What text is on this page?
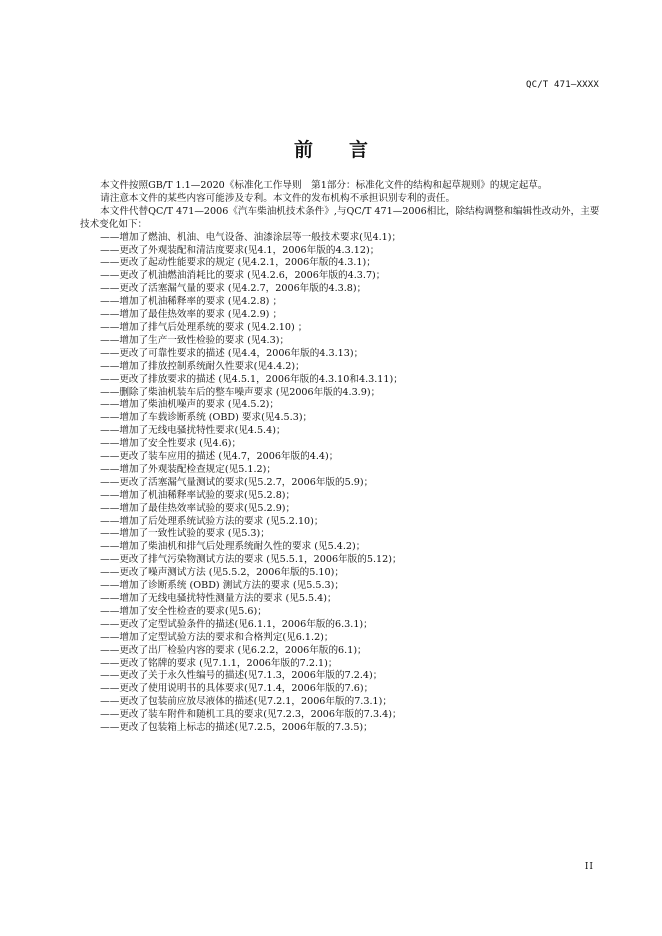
QC/T 471—XXXX
前 言

本文件按照GB/T 1.1—2020《标准化工作导则　第1部分：标准化文件的结构和起草规则》的规定起草。

请注意本文件的某些内容可能涉及专利。本文件的发布机构不承担识别专利的责任。

本文件代替QC/T 471—2006《汽车柴油机技术条件》,与QC/T 471—2006相比，除结构调整和编辑性改动外，主要技术变化如下：

——增加了燃油、机油、电气设备、油漆涂层等一般技术要求(见4.1)；

——更改了外观装配和清洁度要求(见4.1，2006年版的4.3.12)；

——更改了起动性能要求的规定 (见4.2.1，2006年版的4.3.1)；

——更改了机油燃油消耗比的要求 (见4.2.6，2006年版的4.3.7)；

——更改了活塞漏气量的要求 (见4.2.7，2006年版的4.3.8)；

——增加了机油稀释率的要求 (见4.2.8) ；

——增加了最佳热效率的要求 (见4.2.9) ；

——增加了排气后处理系统的要求 (见4.2.10) ；

——增加了生产一致性检验的要求 (见4.3)；

——更改了可靠性要求的描述 (见4.4，2006年版的4.3.13)；

——增加了排放控制系统耐久性要求(见4.4.2)；

——更改了排放要求的描述 (见4.5.1，2006年版的4.3.10和4.3.11)；

——删除了柴油机装车后的整车噪声要求 (见2006年版的4.3.9)；

——增加了柴油机噪声的要求 (见4.5.2)；

——增加了车载诊断系统 (OBD) 要求(见4.5.3)；

——增加了无线电骚扰特性要求(见4.5.4)；

——增加了安全性要求 (见4.6)；

——更改了装车应用的描述 (见4.7，2006年版的4.4)；

——增加了外观装配检查规定(见5.1.2)；

——更改了活塞漏气量测试的要求(见5.2.7，2006年版的5.9)；

——增加了机油稀释率试验的要求(见5.2.8)；

——增加了最佳热效率试验的要求(见5.2.9)；

——增加了后处理系统试验方法的要求 (见5.2.10)；

——增加了一致性试验的要求 (见5.3)；

——增加了柴油机和排气后处理系统耐久性的要求 (见5.4.2)；

——更改了排气污染物测试方法的要求 (见5.5.1，2006年版的5.12)；

——更改了噪声测试方法 (见5.5.2，2006年版的5.10)；

——增加了诊断系统 (OBD) 测试方法的要求 (见5.5.3)；

——增加了无线电骚扰特性测量方法的要求 (见5.5.4)；

——增加了安全性检查的要求(见5.6)；

——更改了定型试验条件的描述(见6.1.1，2006年版的6.3.1)；

——增加了定型试验方法的要求和合格判定(见6.1.2)；

——更改了出厂检验内容的要求 (见6.2.2，2006年版的6.1)；

——更改了铭牌的要求 (见7.1.1，2006年版的7.2.1)；

——更改了关于永久性编号的描述(见7.1.3，2006年版的7.2.4)；

——更改了使用说明书的具体要求(见7.1.4，2006年版的7.6)；

——更改了包装前应放尽液体的描述(见7.2.1，2006年版的7.3.1)；

——更改了装车附件和随机工具的要求(见7.2.3，2006年版的7.3.4)；

——更改了包装箱上标志的描述(见7.2.5，2006年版的7.3.5)；

II
